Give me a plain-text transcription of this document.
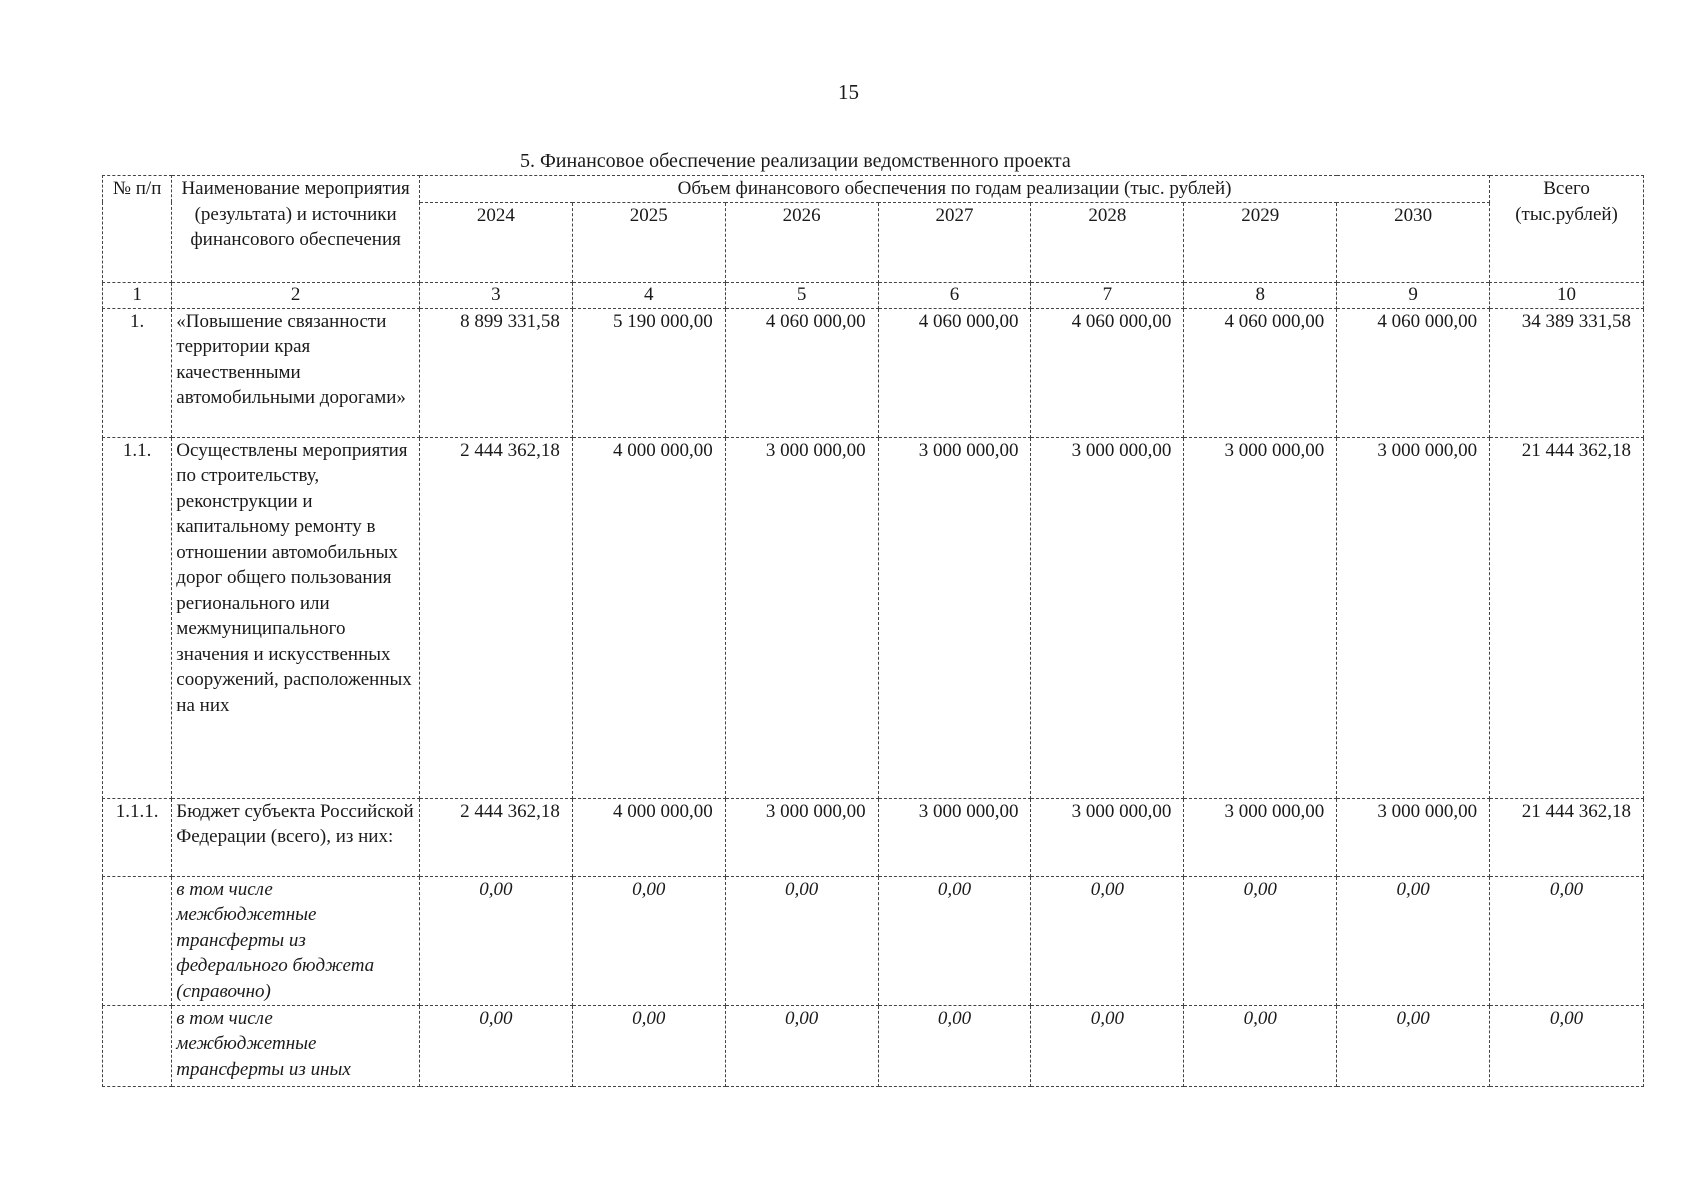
15
5. Финансовое обеспечение реализации ведомственного проекта
№ п/п	Наименование мероприятия (результата) и источники финансового обеспечения	Объем финансового обеспечения по годам реализации (тыс. рублей)							Всего (тыс.рублей)
		2024	2025	2026	2027	2028	2029	2030	
1	2	3	4	5	6	7	8	9	10
1.	«Повышение связанности территории края качественными автомобильными дорогами»	8 899 331,58	5 190 000,00	4 060 000,00	4 060 000,00	4 060 000,00	4 060 000,00	4 060 000,00	34 389 331,58
1.1.	Осуществлены мероприятия по строительству, реконструкции и капитальному ремонту в отношении автомобильных дорог общего пользования регионального или межмуниципального значения и искусственных сооружений, расположенных на них	2 444 362,18	4 000 000,00	3 000 000,00	3 000 000,00	3 000 000,00	3 000 000,00	3 000 000,00	21 444 362,18
1.1.1.	Бюджет субъекта Российской Федерации (всего), из них:	2 444 362,18	4 000 000,00	3 000 000,00	3 000 000,00	3 000 000,00	3 000 000,00	3 000 000,00	21 444 362,18
	в том числе межбюджетные трансферты из федерального бюджета (справочно)	0,00	0,00	0,00	0,00	0,00	0,00	0,00	0,00
	в том числе межбюджетные трансферты из иных	0,00	0,00	0,00	0,00	0,00	0,00	0,00	0,00
